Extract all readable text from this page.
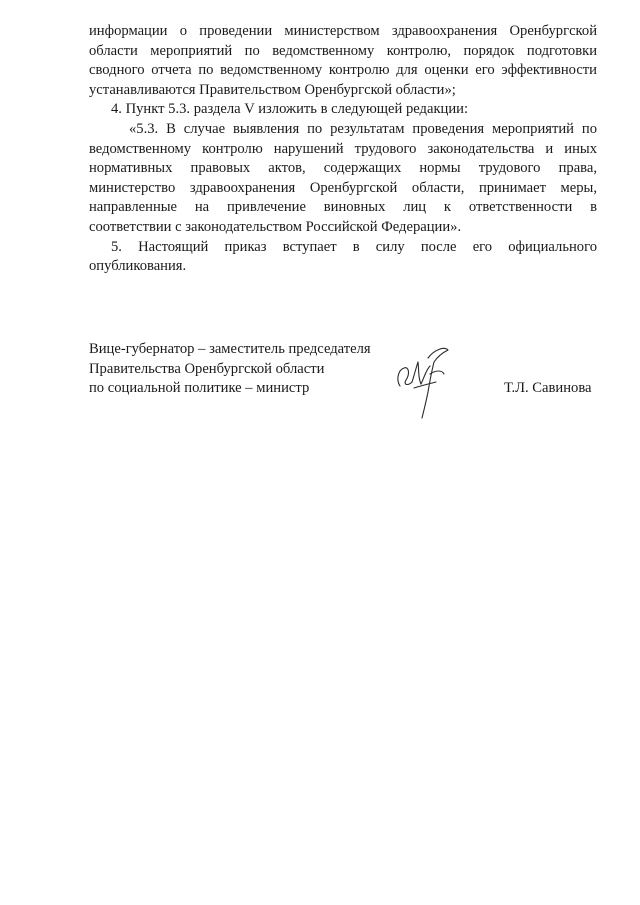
информации о проведении министерством здравоохранения Оренбургской
области мероприятий по ведомственному контролю, порядок подготовки
сводного отчета по ведомственному контролю для оценки его эффективности
устанавливаются Правительством Оренбургской области»;
4. Пункт 5.3. раздела V изложить в следующей редакции:
«5.3. В случае выявления по результатам проведения мероприятий по
ведомственному контролю нарушений трудового законодательства и иных
нормативных правовых актов, содержащих нормы трудового права,
министерство здравоохранения Оренбургской области, принимает меры,
направленные на привлечение виновных лиц к ответственности в
соответствии с законодательством Российской Федерации».
5. Настоящий приказ вступает в силу после его официального
опубликования.
Вице-губернатор – заместитель председателя
Правительства Оренбургской области
по социальной политике – министр	Т.Л. Савинова
